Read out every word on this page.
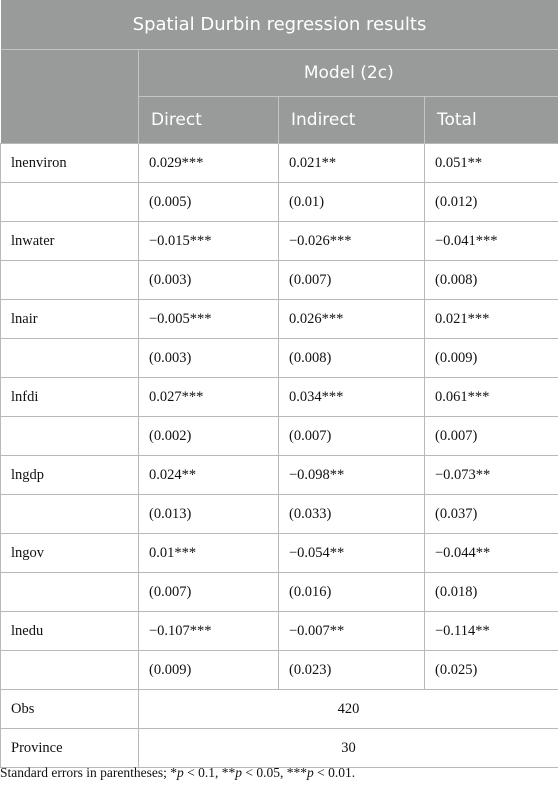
Spatial Durbin regression results			
	Model (2c)		
	Direct	Indirect	Total
lnenviron	0.029***	0.021**	0.051**
	(0.005)	(0.01)	(0.012)
lnwater	−0.015***	−0.026***	−0.041***
	(0.003)	(0.007)	(0.008)
lnair	−0.005***	0.026***	0.021***
	(0.003)	(0.008)	(0.009)
lnfdi	0.027***	0.034***	0.061***
	(0.002)	(0.007)	(0.007)
lngdp	0.024**	−0.098**	−0.073**
	(0.013)	(0.033)	(0.037)
lngov	0.01***	−0.054**	−0.044**
	(0.007)	(0.016)	(0.018)
lnedu	−0.107***	−0.007**	−0.114**
	(0.009)	(0.023)	(0.025)
Obs	420		
Province	30		
Standard errors in parentheses; *p < 0.1, **p < 0.05, ***p < 0.01.
